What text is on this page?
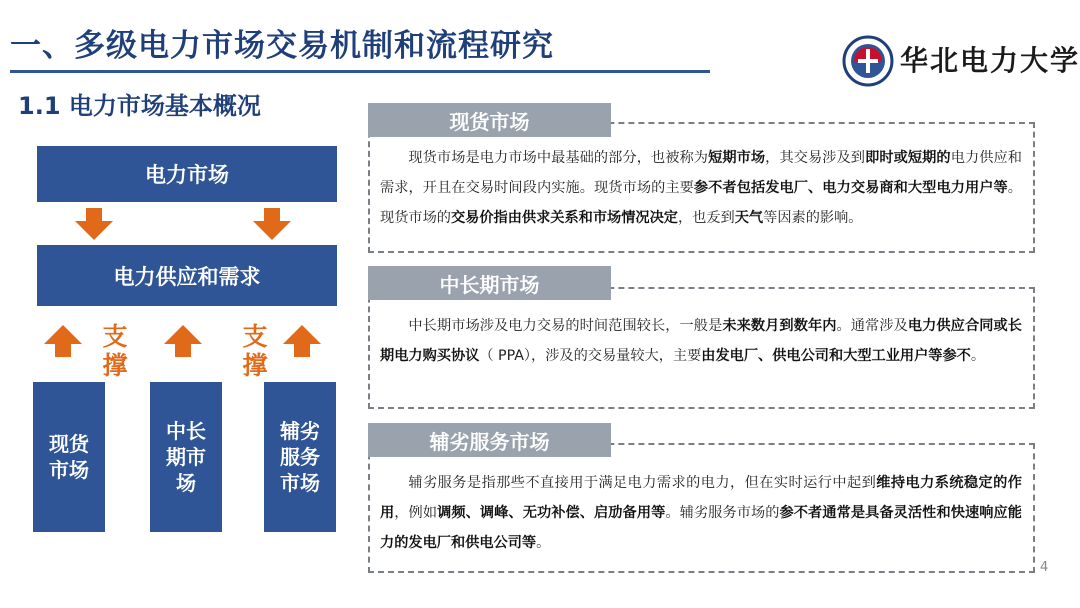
一、多级电力市场交易机制和流程研究	华北电力大学
1.1 电力市场基本概况
电力市场
电力供应和需求
支
撑
支
撑
现货
市场
中长
期市
场
辅劣
服务
市场
现货市场

现货市场是电力市场中最基础的部分，也被称为短期市场，其交易涉及到即时或短期的电力供应和需求，开且在交易时间段内实施。现货市场的主要参不者包括发电厂、电力交易商和大型电力用户等。现货市场的交易价指由供求关系和市场情况决定，也叐到天气等因素的影响。

中长期市场

中长期市场涉及电力交易的时间范围较长，一般是未来数月到数年内。通常涉及电力供应合同或长期电力购买协议（ PPA），涉及的交易量较大，主要由发电厂、供电公司和大型工业用户等参不。

辅劣服务市场

辅劣服务是指那些不直接用于满足电力需求的电力，但在实时运行中起到维持电力系统稳定的作用，例如调频、调峰、无功补偿、启劢备用等。辅劣服务市场的参不者通常是具备灵活性和快速响应能力的发电厂和供电公司等。

4
